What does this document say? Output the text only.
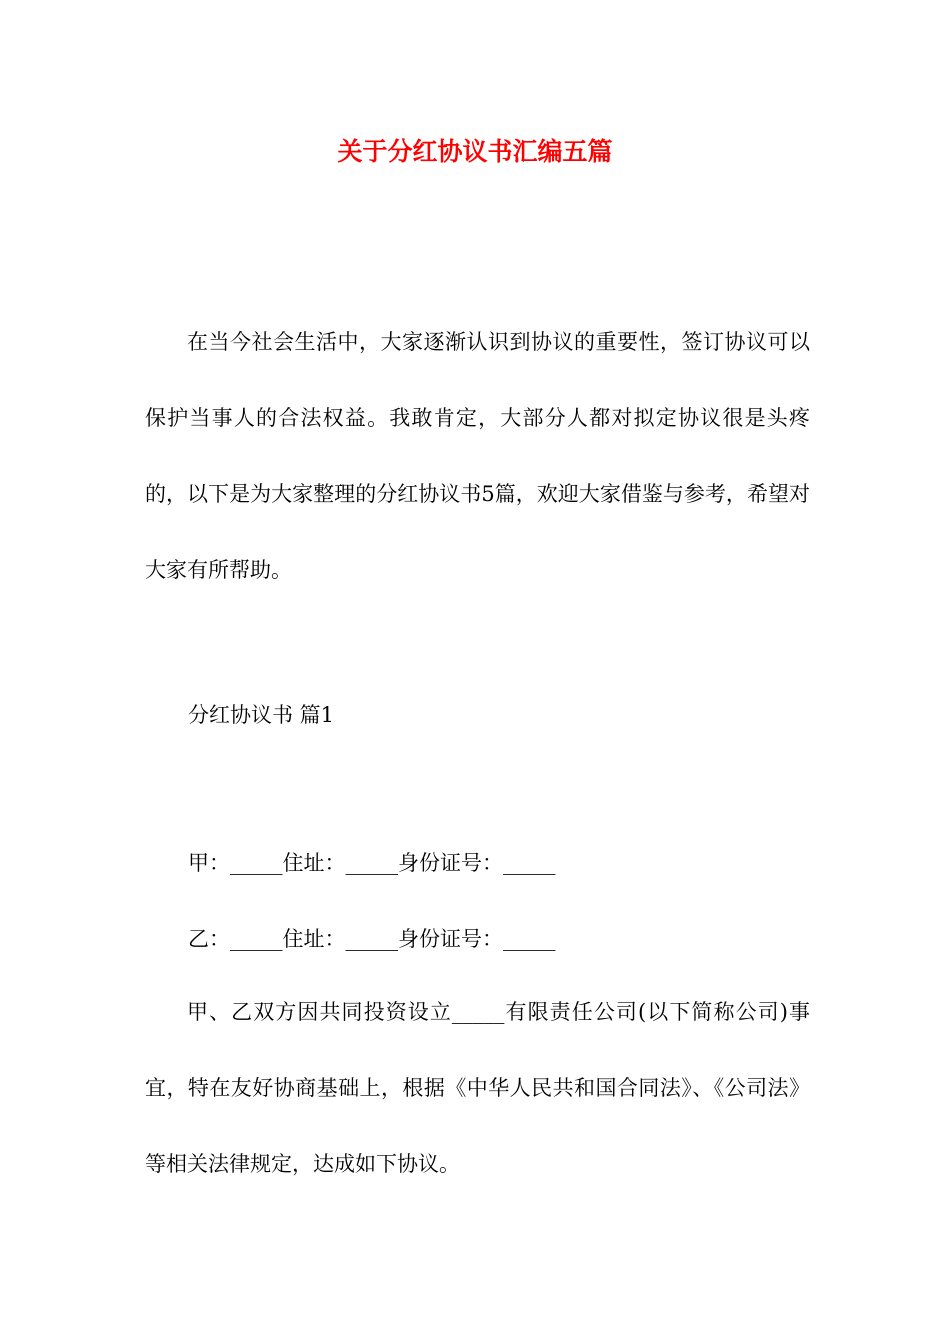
关于分红协议书汇编五篇
在当今社会生活中，大家逐渐认识到协议的重要性，签订协议可以保护当事人的合法权益。我敢肯定，大部分人都对拟定协议很是头疼的，以下是为大家整理的分红协议书5篇，欢迎大家借鉴与参考，希望对大家有所帮助。
分红协议书 篇1
甲：_____住址：_____身份证号：_____
乙：_____住址：_____身份证号：_____
甲、乙双方因共同投资设立_____有限责任公司(以下简称公司)事宜，特在友好协商基础上，根据《中华人民共和国合同法》、《公司法》等相关法律规定，达成如下协议。
